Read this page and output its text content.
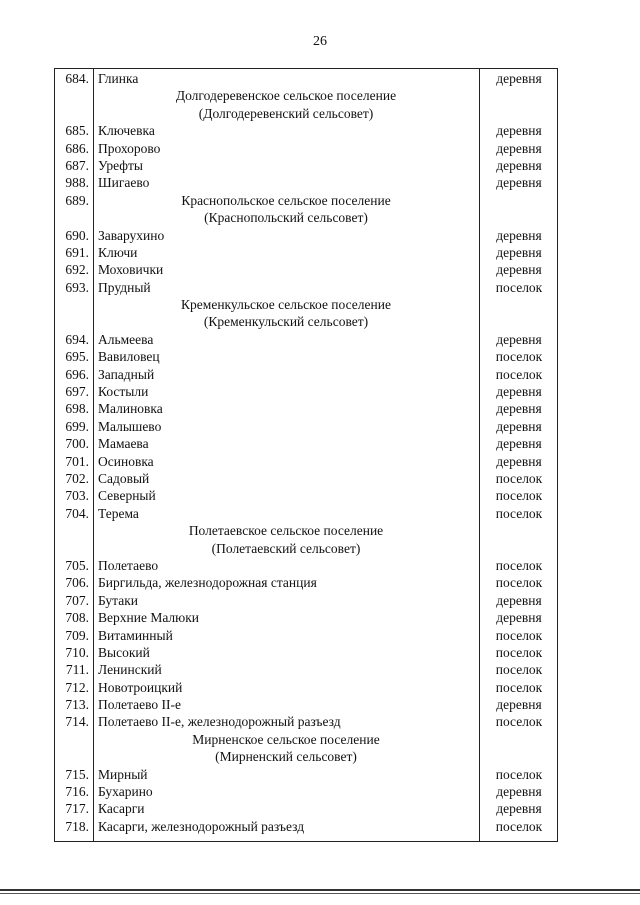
26
684. Глинка	деревня
Долгодеревенское сельское поселение
(Долгодеревенский сельсовет)
685. Ключевка	деревня
686. Прохорово	деревня
687. Урефты	деревня
988. Шигаево	деревня
689.	Краснопольское сельское поселение
(Краснопольский сельсовет)
690. Заварухино	деревня
691. Ключи	деревня
692. Моховички	деревня
693. Прудный	поселок
Кременкульское сельское поселение
(Кременкульский сельсовет)
694. Альмеева	деревня
695. Вавиловец	поселок
696. Западный	поселок
697. Костыли	деревня
698. Малиновка	деревня
699. Малышево	деревня
700. Мамаева	деревня
701. Осиновка	деревня
702. Садовый	поселок
703. Северный	поселок
704. Терема	поселок
Полетаевское сельское поселение
(Полетаевский сельсовет)
705. Полетаево	поселок
706. Биргильда, железнодорожная станция	поселок
707. Бутаки	деревня
708. Верхние Малюки	деревня
709. Витаминный	поселок
710. Высокий	поселок
711. Ленинский	поселок
712. Новотроицкий	поселок
713. Полетаево II-е	деревня
714. Полетаево II-е, железнодорожный разъезд	поселок
Мирненское сельское поселение
(Мирненский сельсовет)
715. Мирный	поселок
716. Бухарино	деревня
717. Касарги	деревня
718. Касарги, железнодорожный разъезд	поселок
